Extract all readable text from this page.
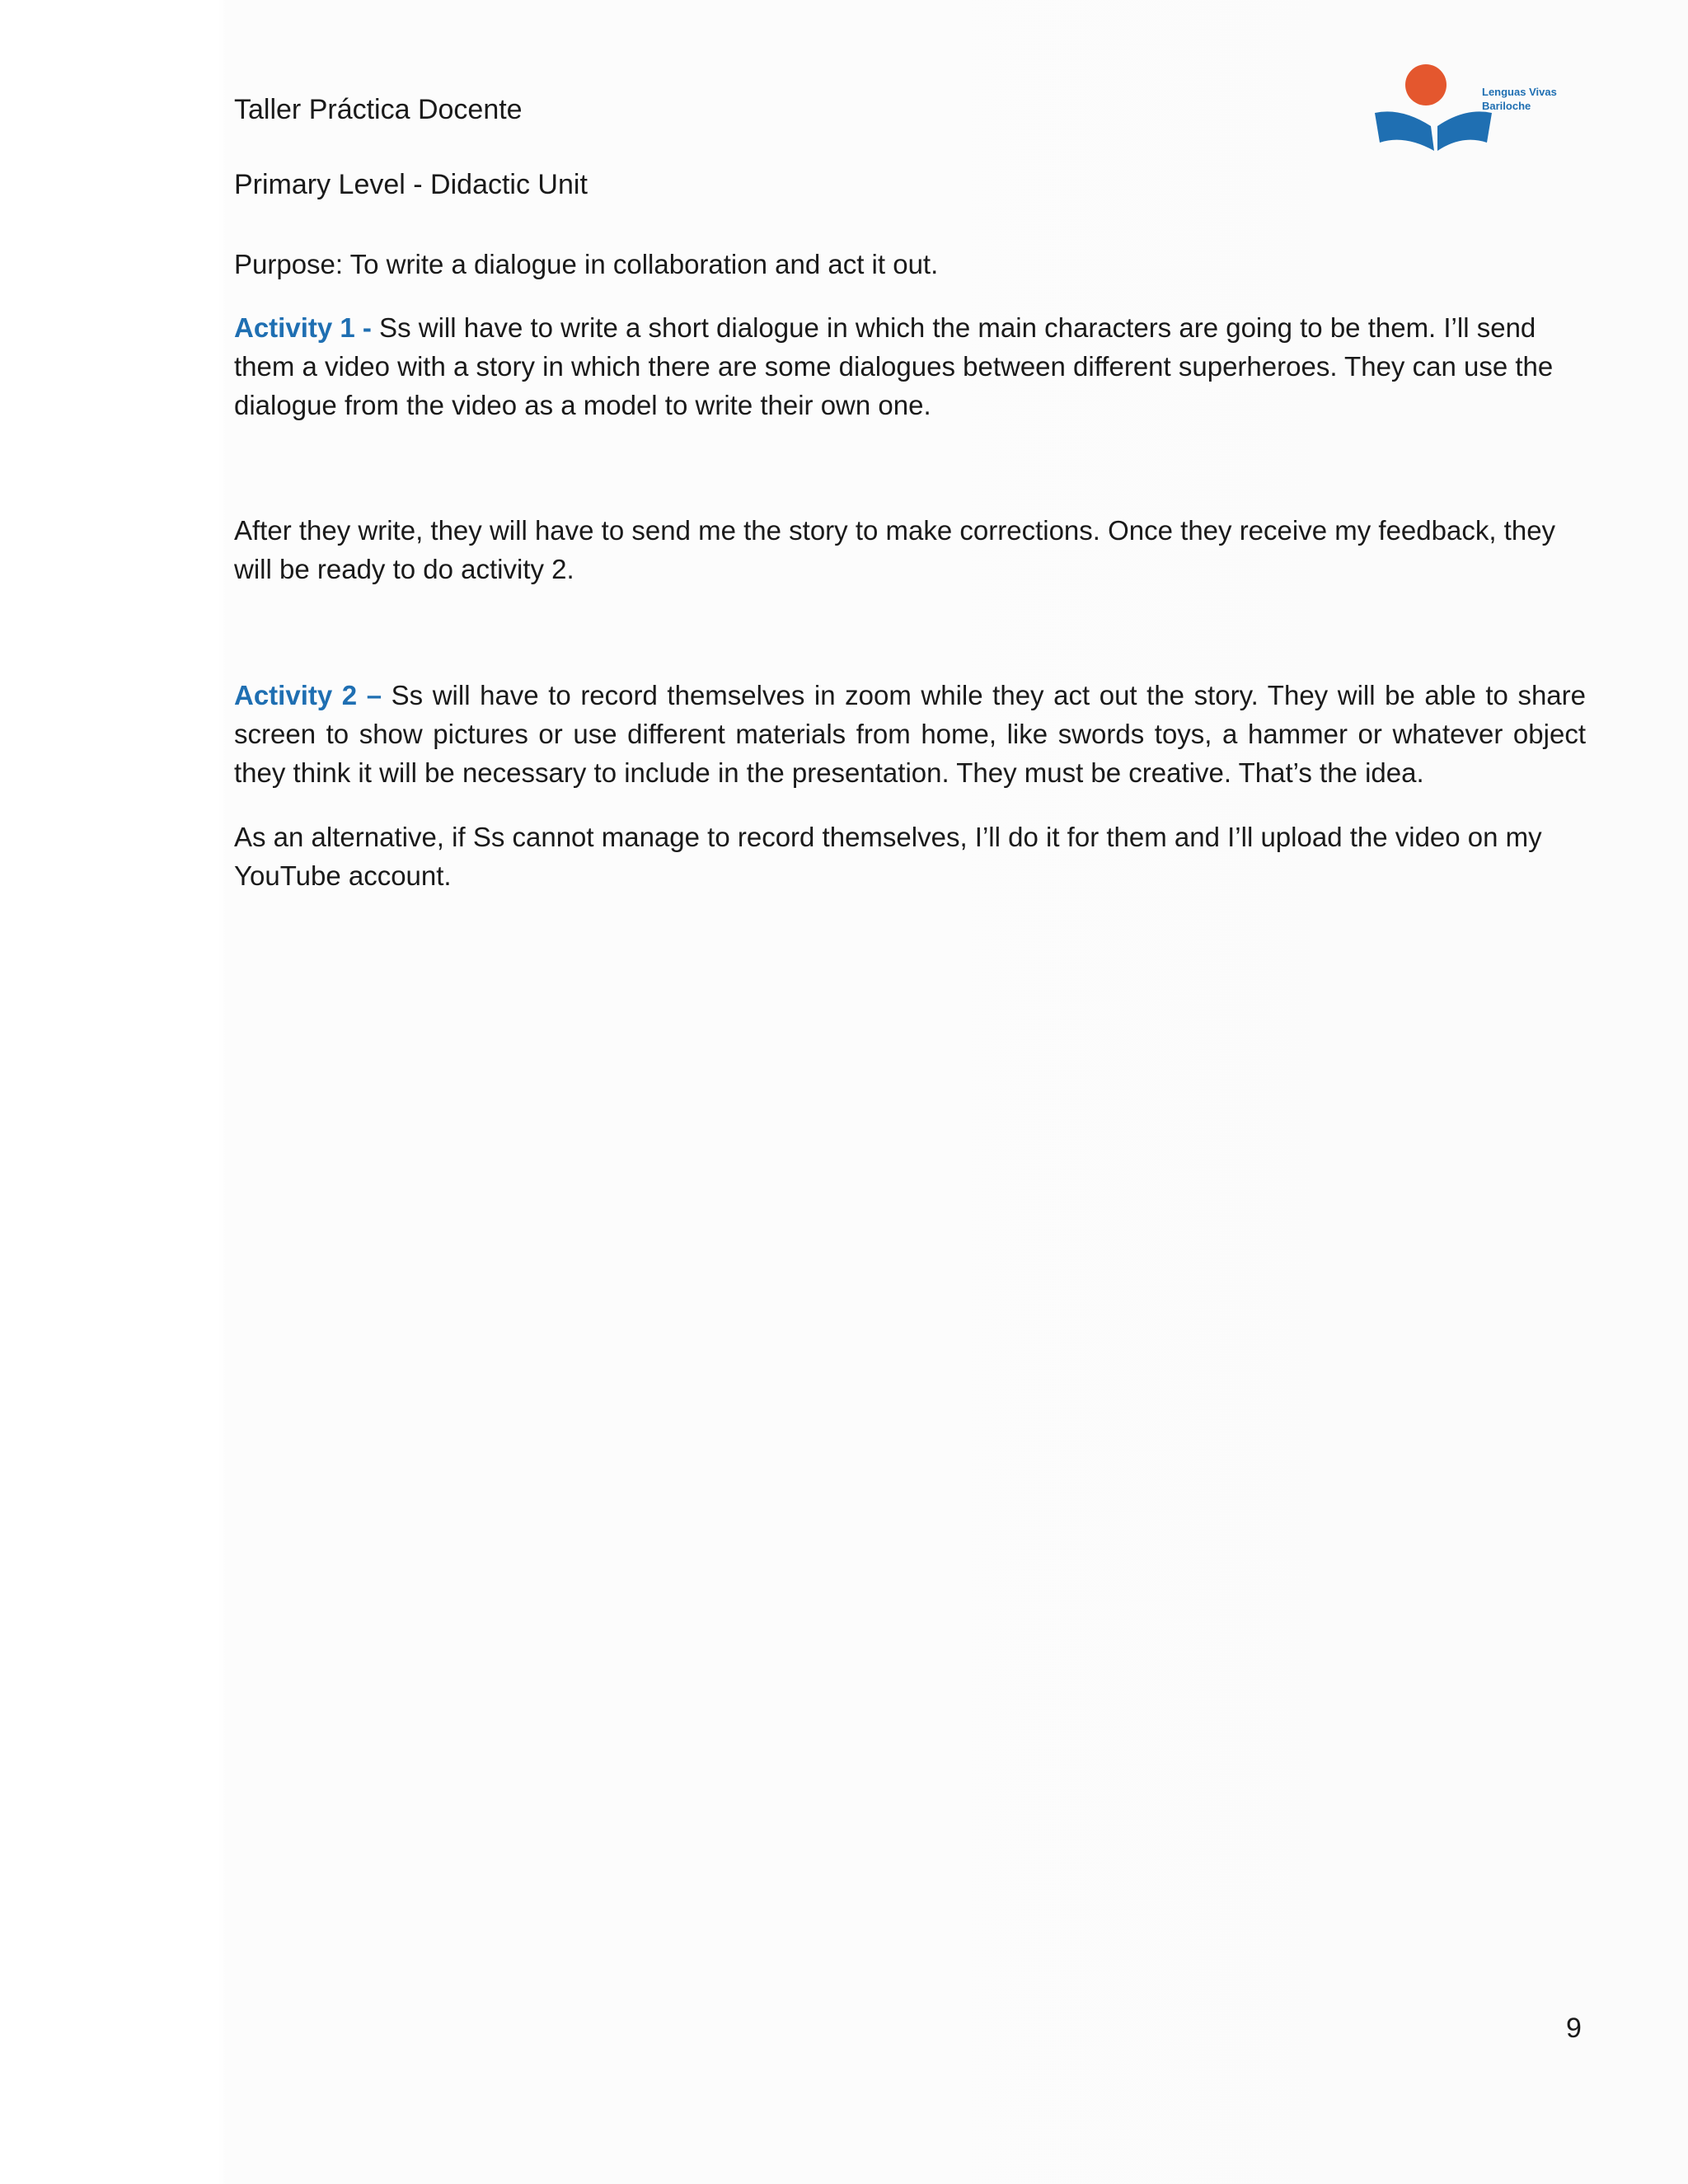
Taller Práctica Docente
Primary Level - Didactic Unit
Lenguas Vivas
Bariloche

Purpose: To write a dialogue in collaboration and act it out.

Activity 1 - Ss will have to write a short dialogue in which the main characters are going to be them. I’ll send them a video with a story in which there are some dialogues between different superheroes. They can use the dialogue from the video as a model to write their own one.

After they write, they will have to send me the story to make corrections. Once they receive my feedback, they will be ready to do activity 2.

Activity 2 – Ss will have to record themselves in zoom while they act out the story. They will be able to share screen to show pictures or use different materials from home, like swords toys, a hammer or whatever object they think it will be necessary to include in the presentation. They must be creative. That’s the idea.

As an alternative, if Ss cannot manage to record themselves, I’ll do it for them and I’ll upload the video on my YouTube account.

9
